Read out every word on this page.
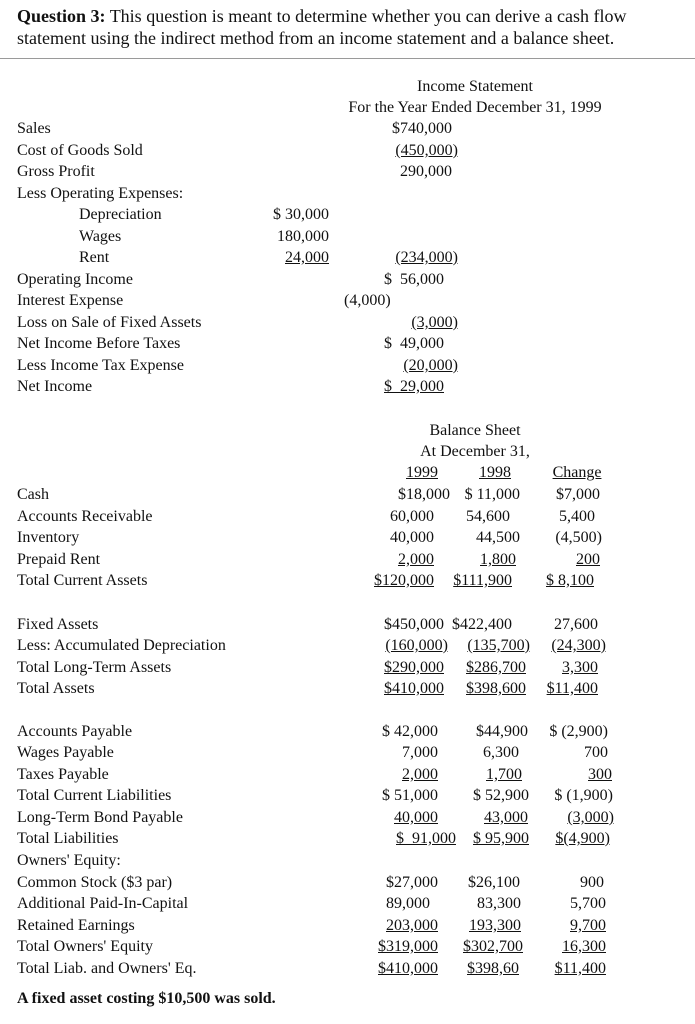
Question 3: This question is meant to determine whether you can derive a cash flow statement using the indirect method from an income statement and a balance sheet.
Income Statement
For the Year Ended December 31, 1999
Sales	$740,000
Cost of Goods Sold	(450,000)
Gross Profit	290,000
Less Operating Expenses:
Depreciation	$ 30,000
Wages	180,000
Rent	24,000	(234,000)
Operating Income	$  56,000
Interest Expense	(4,000)
Loss on Sale of Fixed Assets	(3,000)
Net Income Before Taxes	$  49,000
Less Income Tax Expense	(20,000)
Net Income	$  29,000
Balance Sheet
At December 31,
1999	1998	Change
Cash	$18,000 $ 11,000	$7,000
Accounts Receivable	60,000	54,600	5,400
Inventory	40,000	44,500	(4,500)
Prepaid Rent	2,000	1,800	200
Total Current Assets	$120,000	$111,900	$ 8,100
Fixed Assets	$450,000 $422,400	27,600
Less: Accumulated Depreciation	(160,000)	(135,700)	(24,300)
Total Long-Term Assets	$290,000	$286,700	3,300
Total Assets	$410,000	$398,600	$11,400
Accounts Payable	$ 42,000	$44,900	$ (2,900)
Wages Payable	7,000	6,300	700
Taxes Payable	2,000	1,700	300
Total Current Liabilities	$ 51,000	$ 52,900	$ (1,900)
Long-Term Bond Payable	40,000	43,000	(3,000)
Total Liabilities	$  91,000	$ 95,900	$(4,900)
Owners' Equity:
Common Stock ($3 par)	$27,000	$26,100	900
Additional Paid-In-Capital	89,000	83,300	5,700
Retained Earnings	203,000	193,300	9,700
Total Owners' Equity	$319,000	$302,700	16,300
Total Liab. and Owners' Eq.	$410,000	$398,60	$11,400
A fixed asset costing $10,500 was sold.
